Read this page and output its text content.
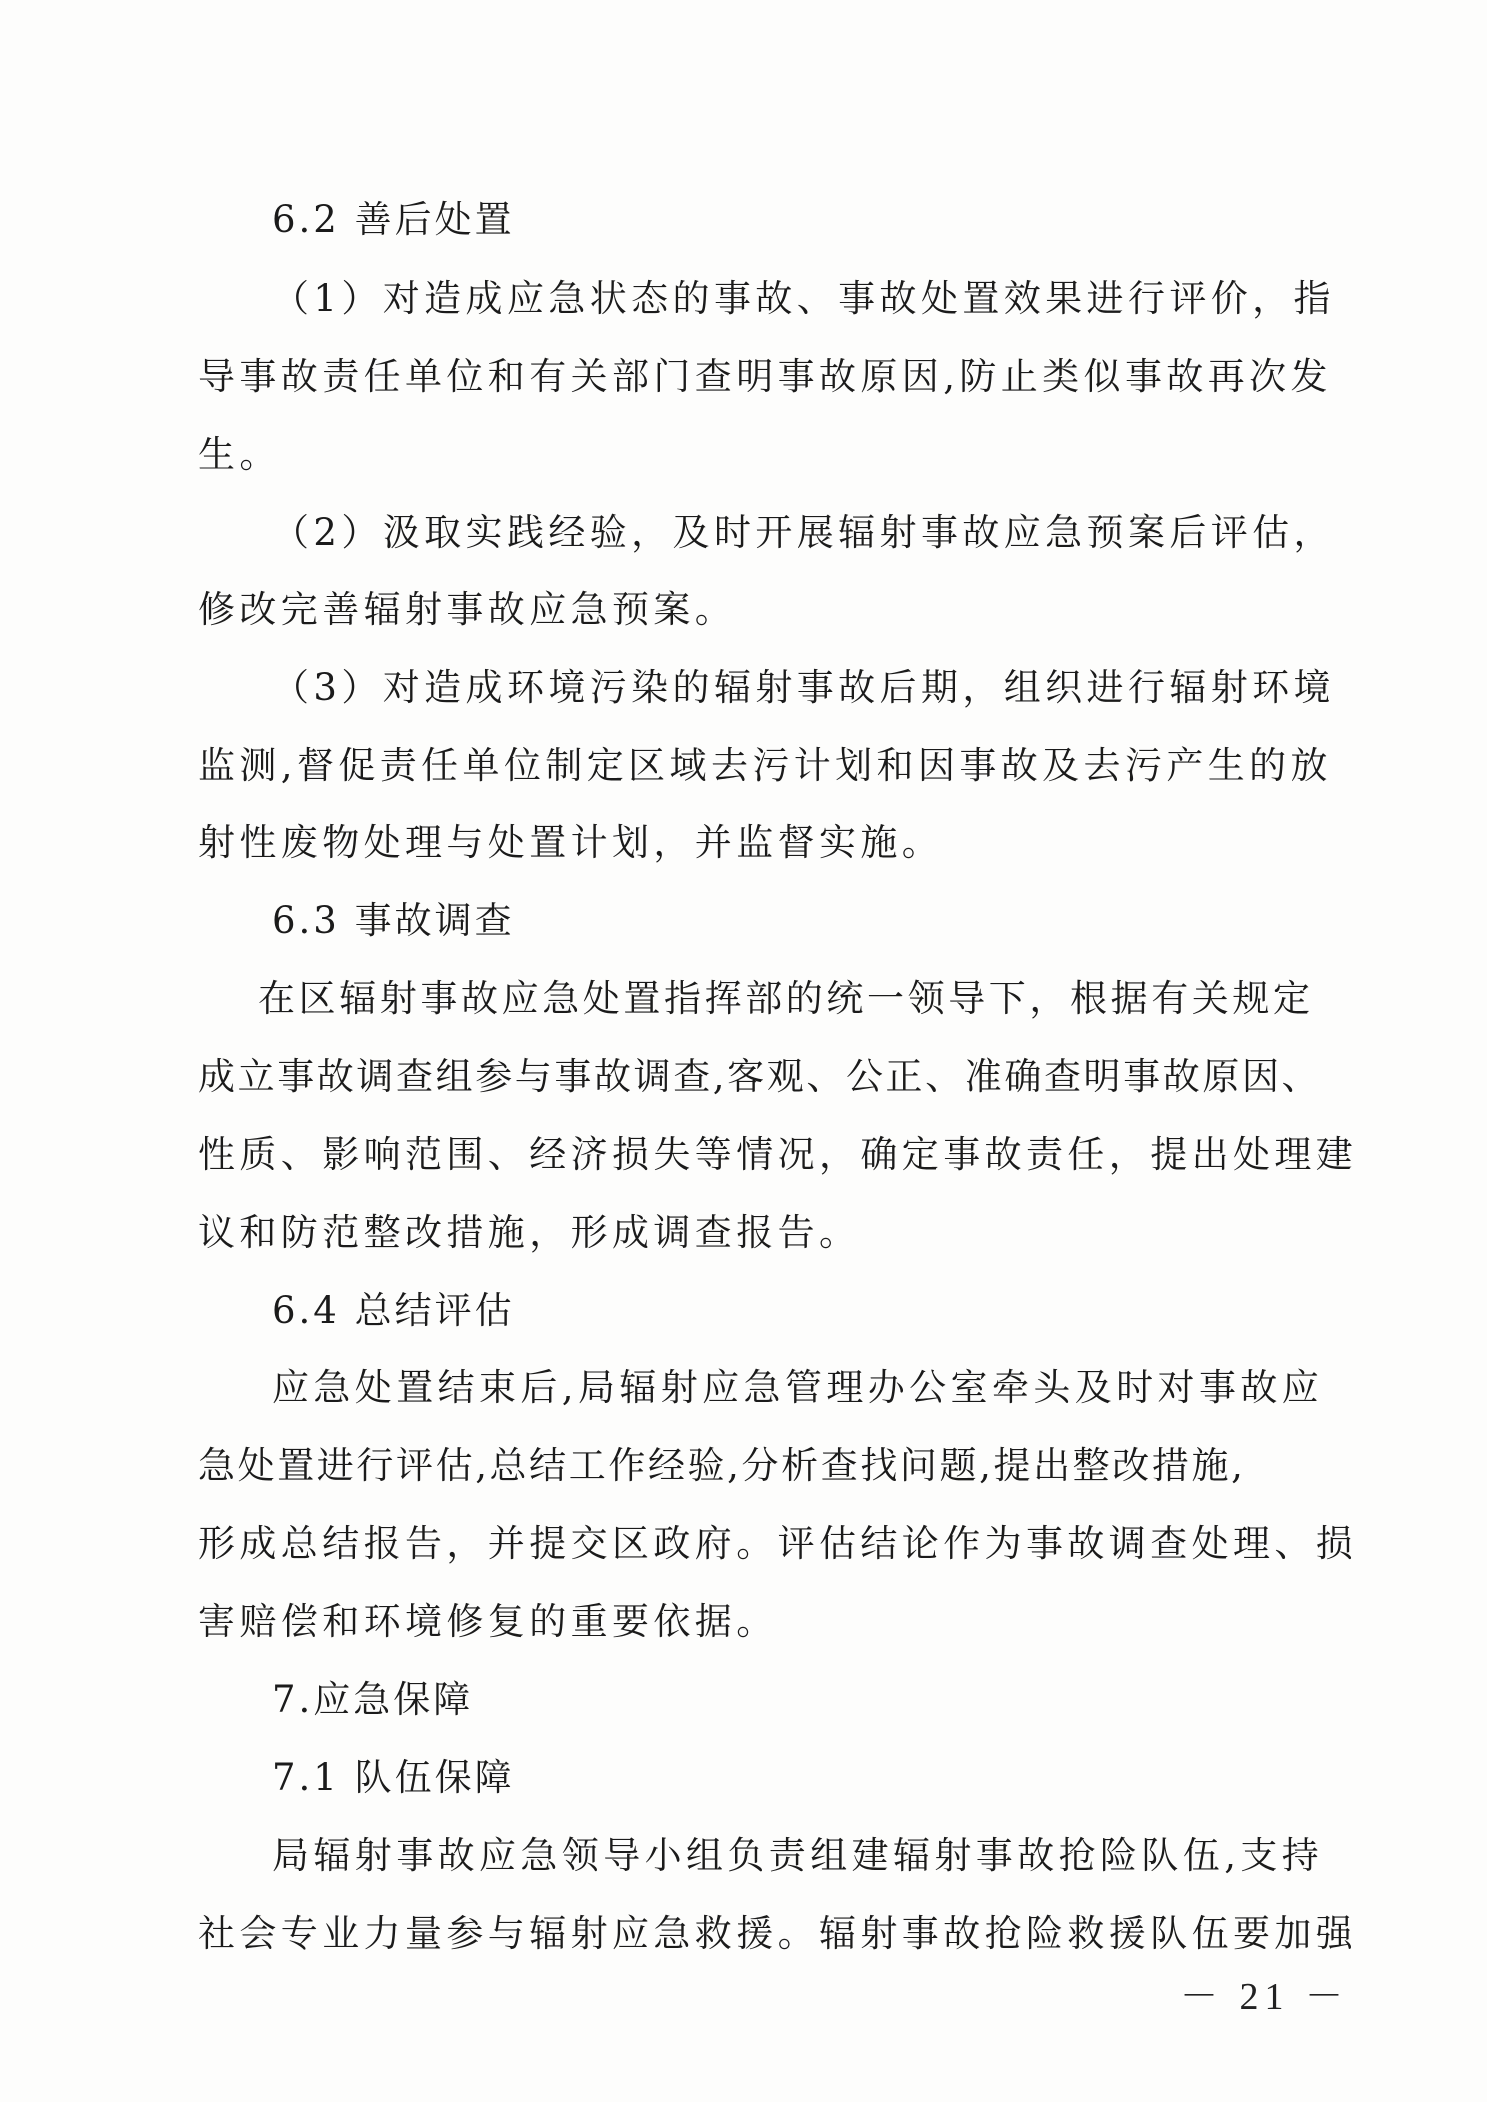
6.2 善后处置
（1）对造成应急状态的事故、事故处置效果进行评价，指
导事故责任单位和有关部门查明事故原因,防止类似事故再次发
生。
（2）汲取实践经验，及时开展辐射事故应急预案后评估，
修改完善辐射事故应急预案。
（3）对造成环境污染的辐射事故后期，组织进行辐射环境
监测,督促责任单位制定区域去污计划和因事故及去污产生的放
射性废物处理与处置计划，并监督实施。
6.3 事故调查
在区辐射事故应急处置指挥部的统一领导下，根据有关规定
成立事故调查组参与事故调查,客观、公正、准确查明事故原因、
性质、影响范围、经济损失等情况，确定事故责任，提出处理建
议和防范整改措施，形成调查报告。
6.4 总结评估
应急处置结束后,局辐射应急管理办公室牵头及时对事故应
急处置进行评估,总结工作经验,分析查找问题,提出整改措施,
形成总结报告，并提交区政府。评估结论作为事故调查处理、损
害赔偿和环境修复的重要依据。
7.应急保障
7.1 队伍保障
局辐射事故应急领导小组负责组建辐射事故抢险队伍,支持
社会专业力量参与辐射应急救援。辐射事故抢险救援队伍要加强
－ 21 －
